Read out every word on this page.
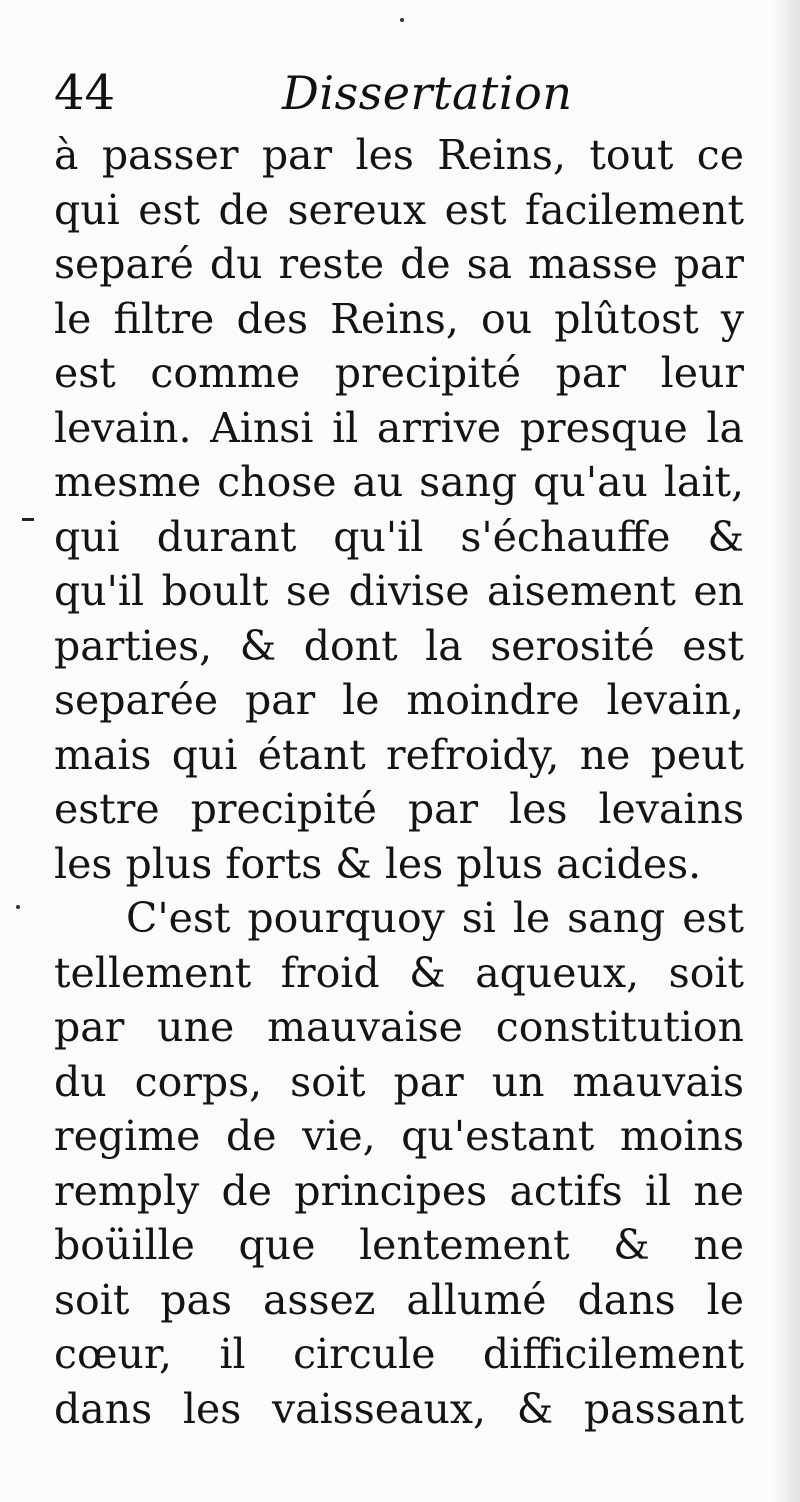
44	Dissertation
à passer par les Reins, tout ce
qui est de sereux est facilement
separé du reste de sa masse par
le filtre des Reins, ou plûtost y
est comme precipité par leur
levain. Ainsi il arrive presque la
mesme chose au sang qu'au lait,
qui durant qu'il s'échauffe &
qu'il boult se divise aisement en
parties, & dont la serosité est
separée par le moindre levain,
mais qui étant refroidy, ne peut
estre precipité par les levains
les plus forts & les plus acides.
C'est pourquoy si le sang est
tellement froid & aqueux, soit
par une mauvaise constitution
du corps, soit par un mauvais
regime de vie, qu'estant moins
remply de principes actifs il ne
boüille que lentement & ne
soit pas assez allumé dans le
cœur, il circule difficilement
dans les vaisseaux, & passant
